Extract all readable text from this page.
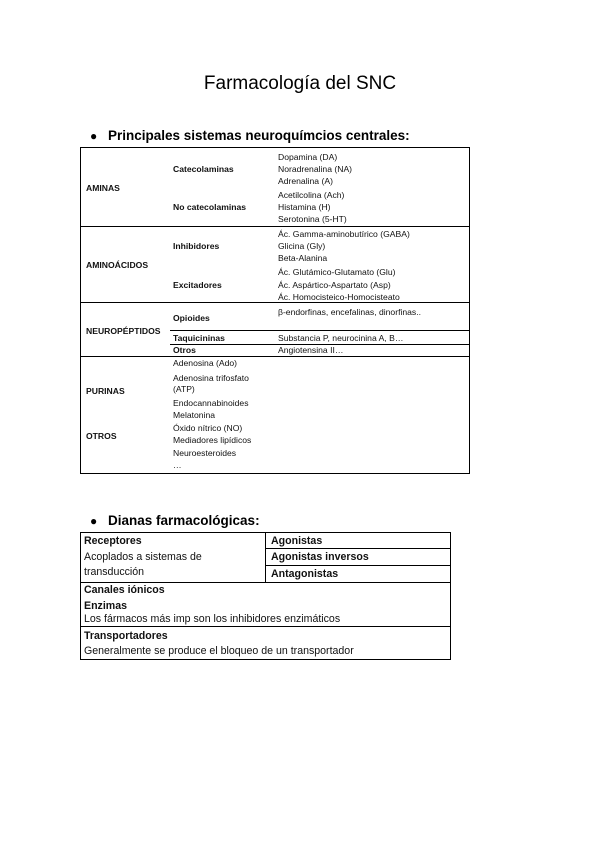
Farmacología del SNC
● Principales sistemas neuroquímcios centrales:
AMINAS
Catecolaminas
Dopamina (DA)
Noradrenalina (NA)
Adrenalina (A)
No catecolaminas
Acetilcolina (Ach)
Histamina (H)
Serotonina (5-HT)
AMINOÁCIDOS
Inhibidores
Ác. Gamma-aminobutírico (GABA)
Glicina (Gly)
Beta-Alanina
Excitadores
Ác. Glutámico-Glutamato (Glu)
Ác. Aspártico-Aspartato (Asp)
Ác. Homocisteico-Homocisteato
NEUROPÉPTIDOS
Opioides
β-endorfinas, encefalinas, dinorfinas..
Taquicininas	Substancia P, neurocinina A, B…
Otros	Angiotensina II…
PURINAS
Adenosina (Ado)
Adenosina trifosfato
(ATP)
OTROS
Endocannabinoides
Melatonina
Óxido nítrico (NO)
Mediadores lipídicos
Neuroesteroides
…
● Dianas farmacológicas:
Receptores
Acoplados a sistemas de
transducción
Agonistas
Agonistas inversos
Antagonistas
Canales iónicos
Enzimas
Los fármacos más imp son los inhibidores enzimáticos
Transportadores
Generalmente se produce el bloqueo de un transportador
